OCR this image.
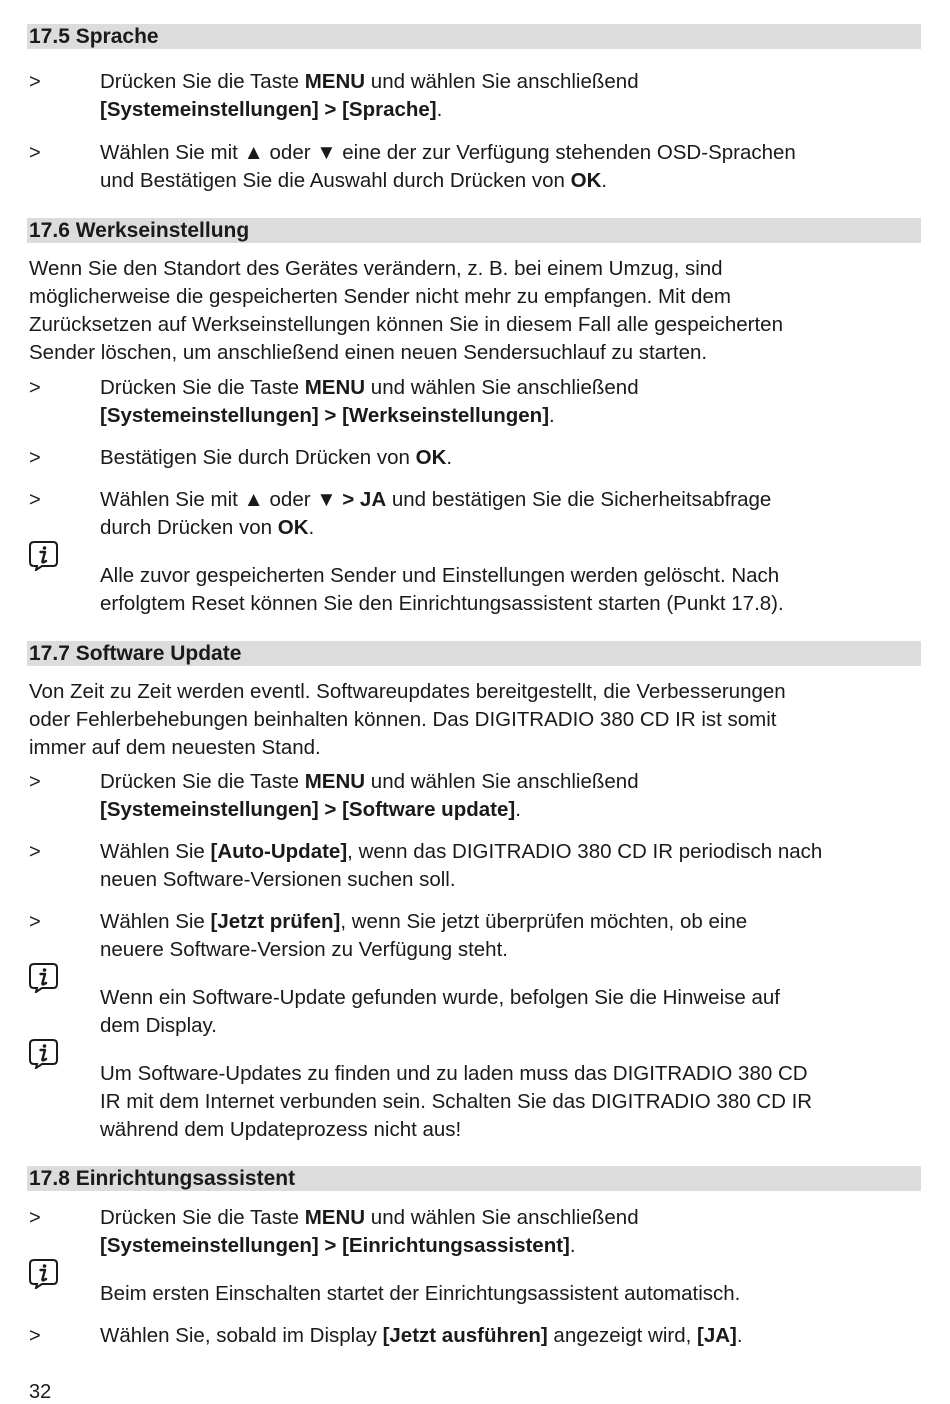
17.5 Sprache
>	Drücken Sie die Taste MENU und wählen Sie anschließend
[Systemeinstellungen] > [Sprache].
>	Wählen Sie mit ▲ oder ▼ eine der zur Verfügung stehenden OSD-Sprachen
und Bestätigen Sie die Auswahl durch Drücken von OK.
17.6 Werkseinstellung
Wenn Sie den Standort des Gerätes verändern, z. B. bei einem Umzug, sind
möglicherweise die gespeicherten Sender nicht mehr zu empfangen. Mit dem
Zurücksetzen auf Werkseinstellungen können Sie in diesem Fall alle gespeicherten
Sender löschen, um anschließend einen neuen Sendersuchlauf zu starten.
>	Drücken Sie die Taste MENU und wählen Sie anschließend
[Systemeinstellungen] > [Werkseinstellungen].
>	Bestätigen Sie durch Drücken von OK.
>	Wählen Sie mit ▲ oder ▼ > JA und bestätigen Sie die Sicherheitsabfrage
durch Drücken von OK.
Alle zuvor gespeicherten Sender und Einstellungen werden gelöscht. Nach
erfolgtem Reset können Sie den Einrichtungsassistent starten (Punkt 17.8).
17.7 Software Update
Von Zeit zu Zeit werden eventl. Softwareupdates bereitgestellt, die Verbesserungen
oder Fehlerbehebungen beinhalten können. Das DIGITRADIO 380 CD IR ist somit
immer auf dem neuesten Stand.
>	Drücken Sie die Taste MENU und wählen Sie anschließend
[Systemeinstellungen] > [Software update].
>	Wählen Sie [Auto-Update], wenn das DIGITRADIO 380 CD IR periodisch nach
neuen Software-Versionen suchen soll.
>	Wählen Sie [Jetzt prüfen], wenn Sie jetzt überprüfen möchten, ob eine
neuere Software-Version zu Verfügung steht.
Wenn ein Software-Update gefunden wurde, befolgen Sie die Hinweise auf
dem Display.
Um Software-Updates zu finden und zu laden muss das DIGITRADIO 380 CD
IR mit dem Internet verbunden sein. Schalten Sie das DIGITRADIO 380 CD IR
während dem Updateprozess nicht aus!
17.8 Einrichtungsassistent
>	Drücken Sie die Taste MENU und wählen Sie anschließend
[Systemeinstellungen] > [Einrichtungsassistent].
Beim ersten Einschalten startet der Einrichtungsassistent automatisch.
>	Wählen Sie, sobald im Display [Jetzt ausführen] angezeigt wird, [JA].
32
